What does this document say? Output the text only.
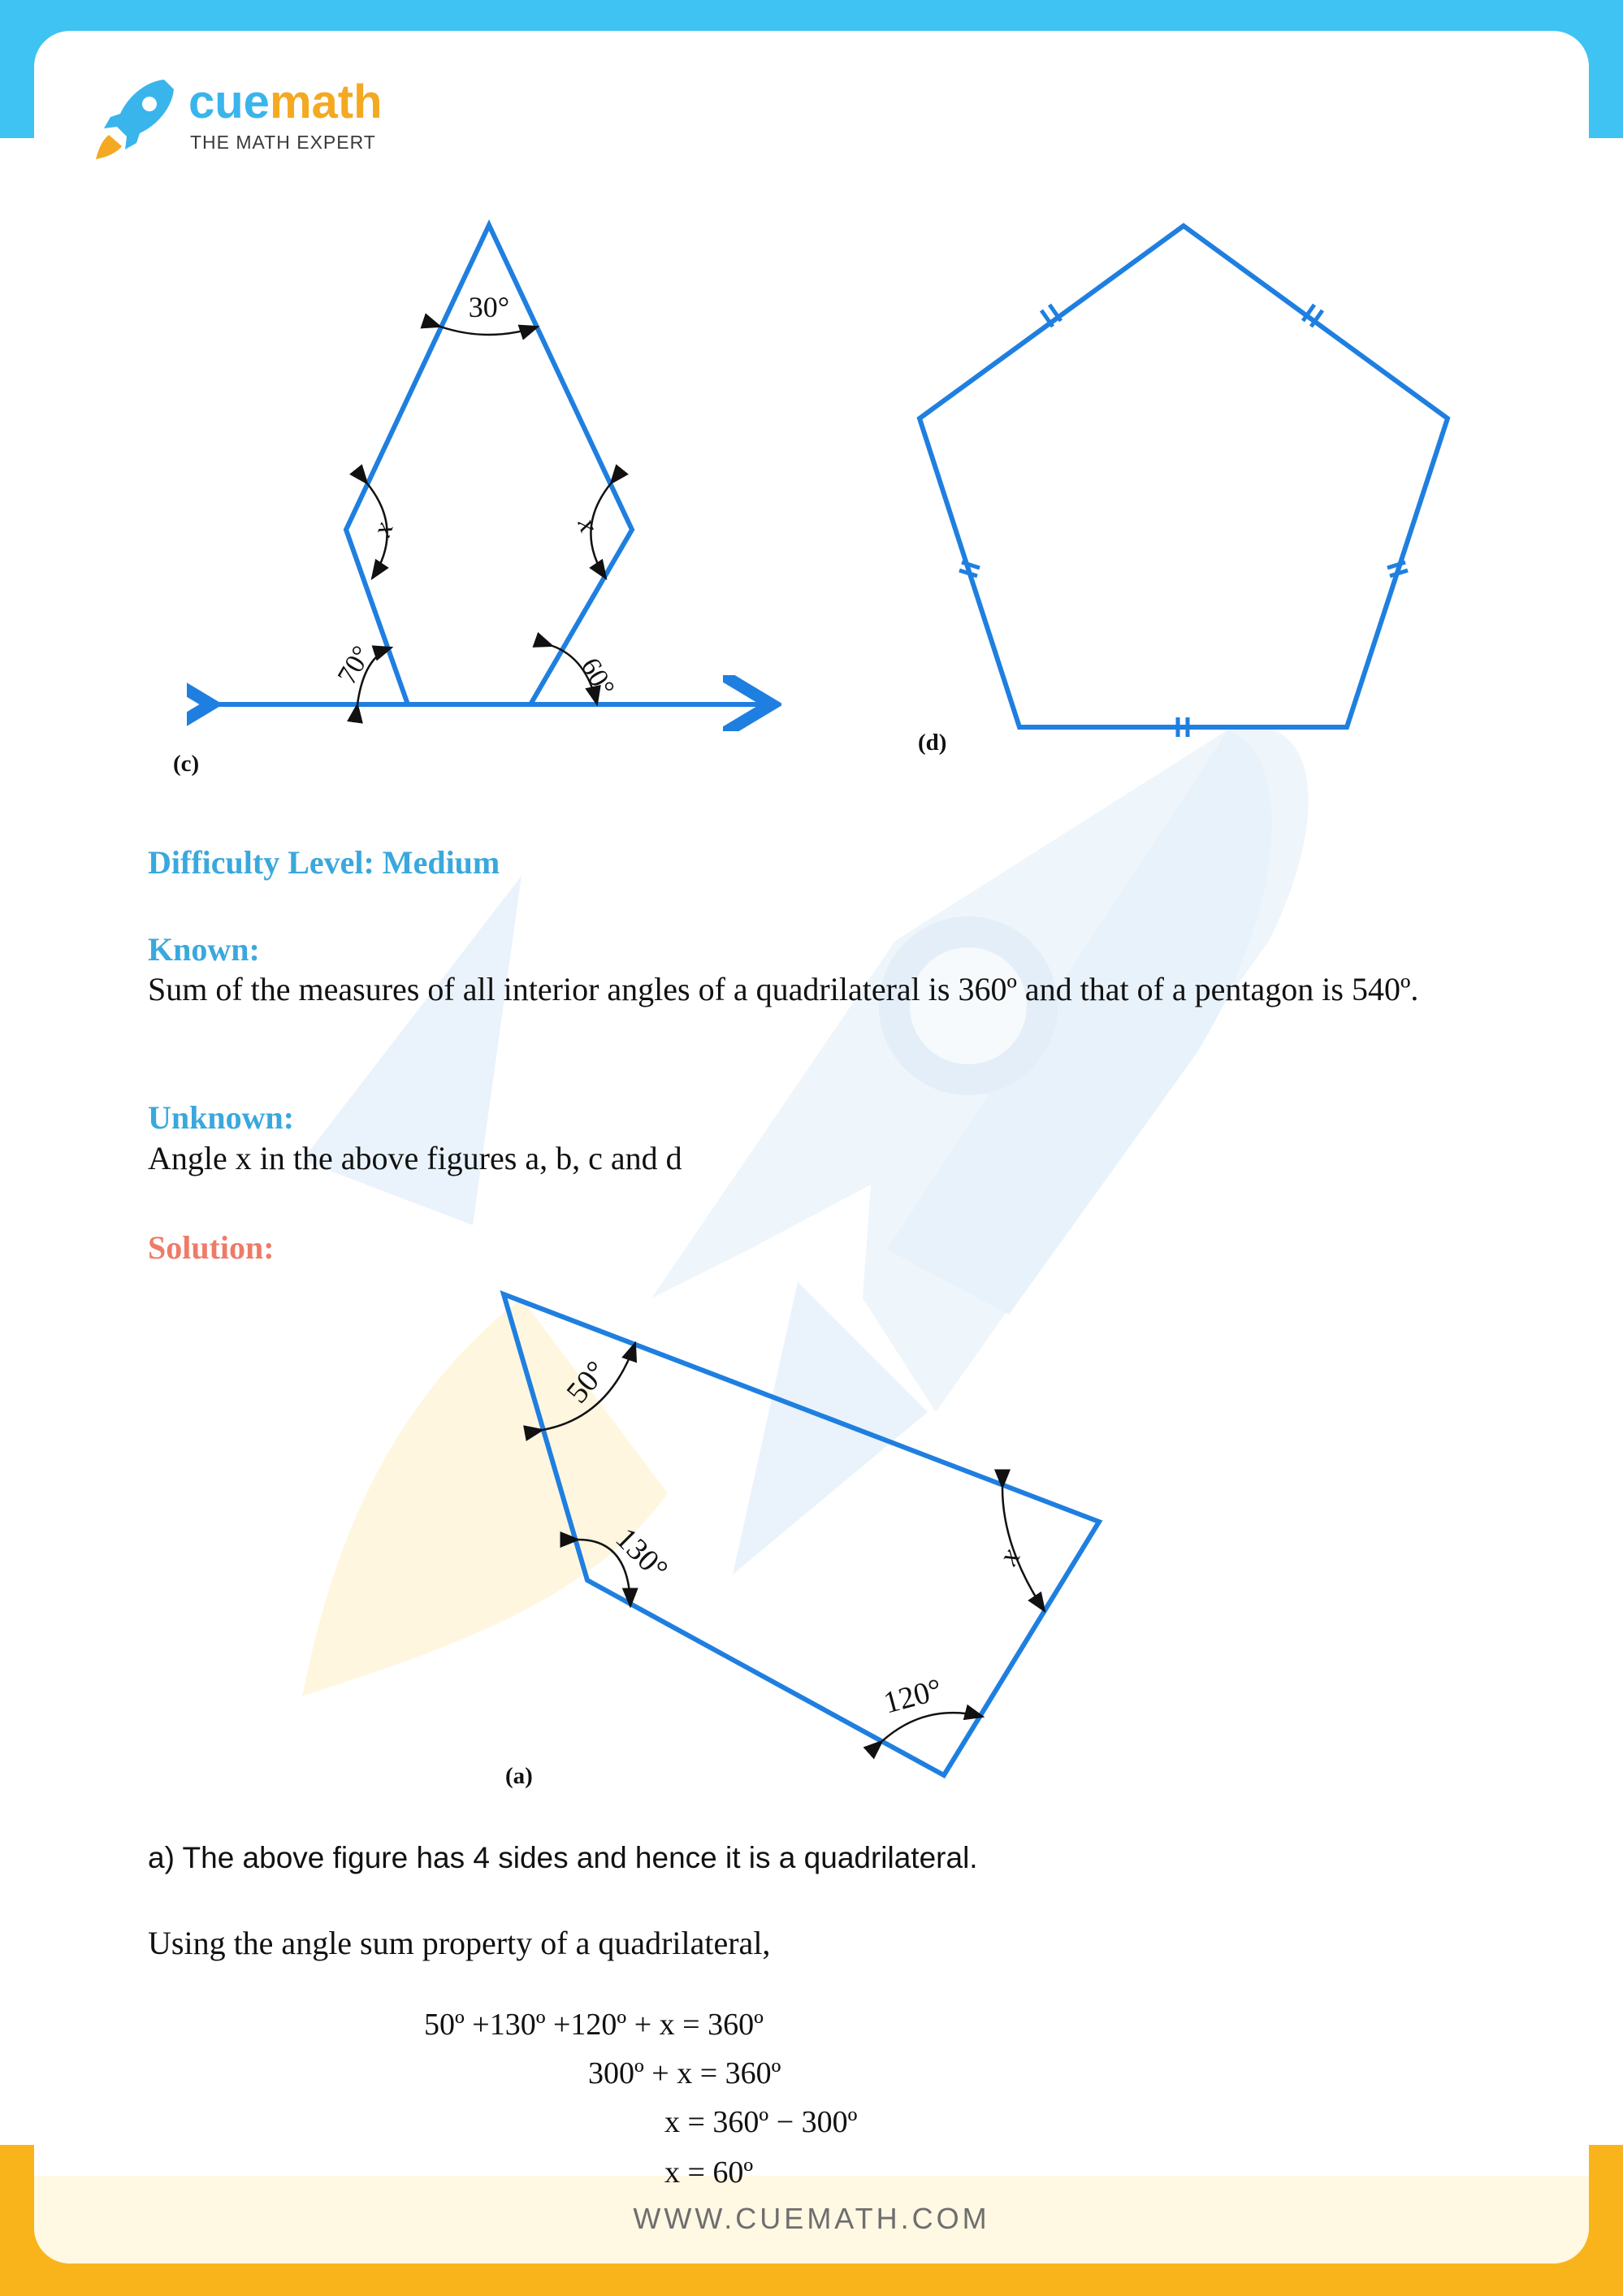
cuemath
THE MATH EXPERT
30°
x	x
70°	60°
(c)
(d)
Difficulty Level: Medium
Known:
Sum of the measures of all interior angles of a quadrilateral is 360º and that of a pentagon is 540º.
Unknown:
Angle x in the above figures a, b, c and d
Solution:
50°
130°	x
120°
(a)
a) The above figure has 4 sides and hence it is a quadrilateral.
Using the angle sum property of a quadrilateral,
50º +130º +120º + x = 360º
300º + x = 360º
x = 360º − 300º
x = 60º
WWW.CUEMATH.COM
